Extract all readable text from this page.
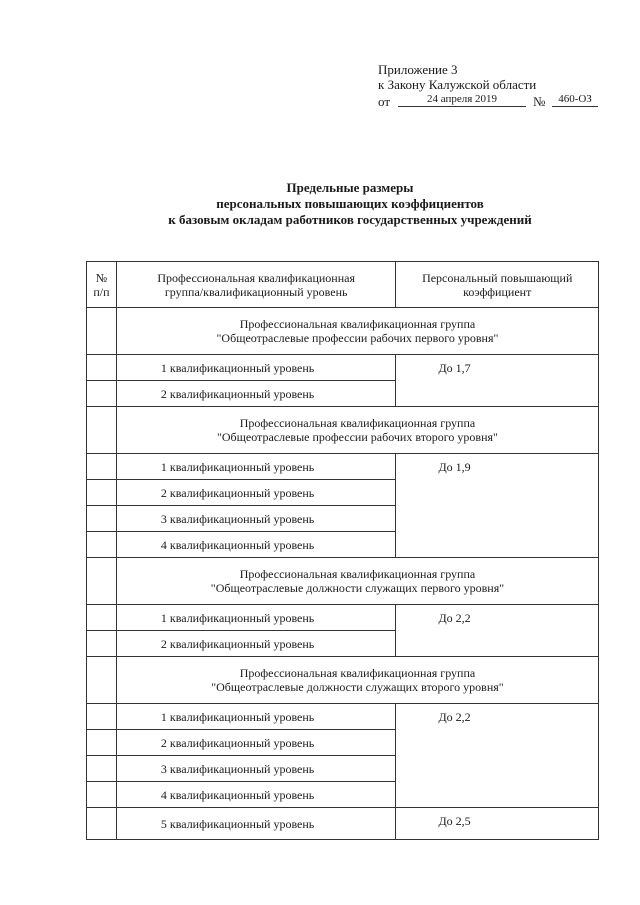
Приложение 3
к Закону Калужской области
от	24 апреля 2019	№	460-ОЗ
Предельные размеры
персональных повышающих коэффициентов
к базовым окладам работников государственных учреждений
№
п/п	Профессиональная квалификационная
группа/квалификационный уровень	Персональный повышающий
коэффициент

	Профессиональная квалификационная группа
"Общеотраслевые профессии рабочих первого уровня"	

	1 квалификационный уровень	До 1,7
	2 квалификационный уровень	

	Профессиональная квалификационная группа
"Общеотраслевые профессии рабочих второго уровня"	

	1 квалификационный уровень	До 1,9
	2 квалификационный уровень	
	3 квалификационный уровень	
	4 квалификационный уровень	

	Профессиональная квалификационная группа
"Общеотраслевые должности служащих первого уровня"	

	1 квалификационный уровень	До 2,2
	2 квалификационный уровень	

	Профессиональная квалификационная группа
"Общеотраслевые должности служащих второго уровня"	

	1 квалификационный уровень	До 2,2
	2 квалификационный уровень	
	3 квалификационный уровень	
	4 квалификационный уровень	
	5 квалификационный уровень	До 2,5
